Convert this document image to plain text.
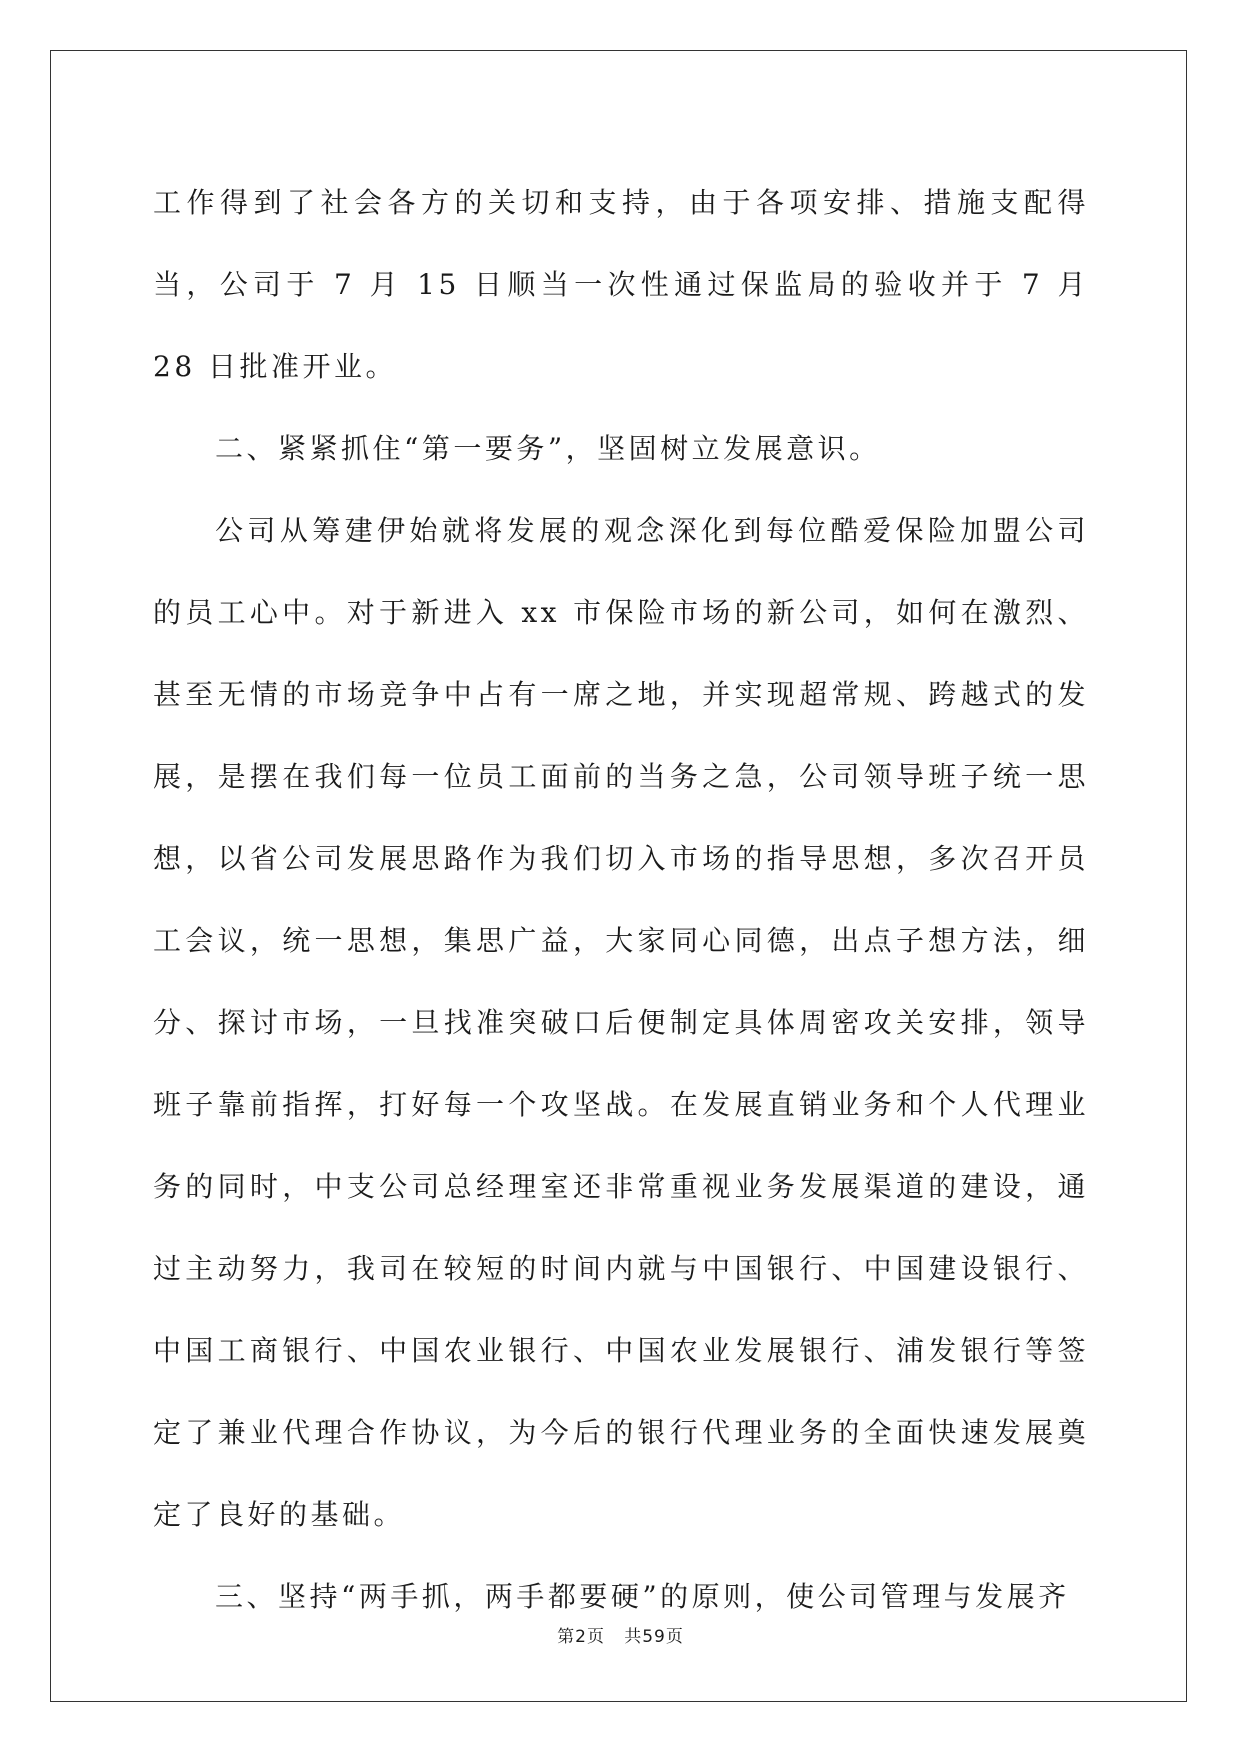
工作得到了社会各方的关切和支持，由于各项安排、措施支配得当，公司于 7 月 15 日顺当一次性通过保监局的验收并于 7 月 28 日批准开业。

二、紧紧抓住“第一要务”，坚固树立发展意识。

公司从筹建伊始就将发展的观念深化到每位酷爱保险加盟公司的员工心中。对于新进入 xx 市保险市场的新公司，如何在激烈、甚至无情的市场竞争中占有一席之地，并实现超常规、跨越式的发展，是摆在我们每一位员工面前的当务之急，公司领导班子统一思想，以省公司发展思路作为我们切入市场的指导思想，多次召开员工会议，统一思想，集思广益，大家同心同德，出点子想方法，细分、探讨市场，一旦找准突破口后便制定具体周密攻关安排，领导班子靠前指挥，打好每一个攻坚战。在发展直销业务和个人代理业务的同时，中支公司总经理室还非常重视业务发展渠道的建设，通过主动努力，我司在较短的时间内就与中国银行、中国建设银行、中国工商银行、中国农业银行、中国农业发展银行、浦发银行等签定了兼业代理合作协议，为今后的银行代理业务的全面快速发展奠定了良好的基础。

三、坚持“两手抓，两手都要硬”的原则，使公司管理与发展齐

第2页 共59页
